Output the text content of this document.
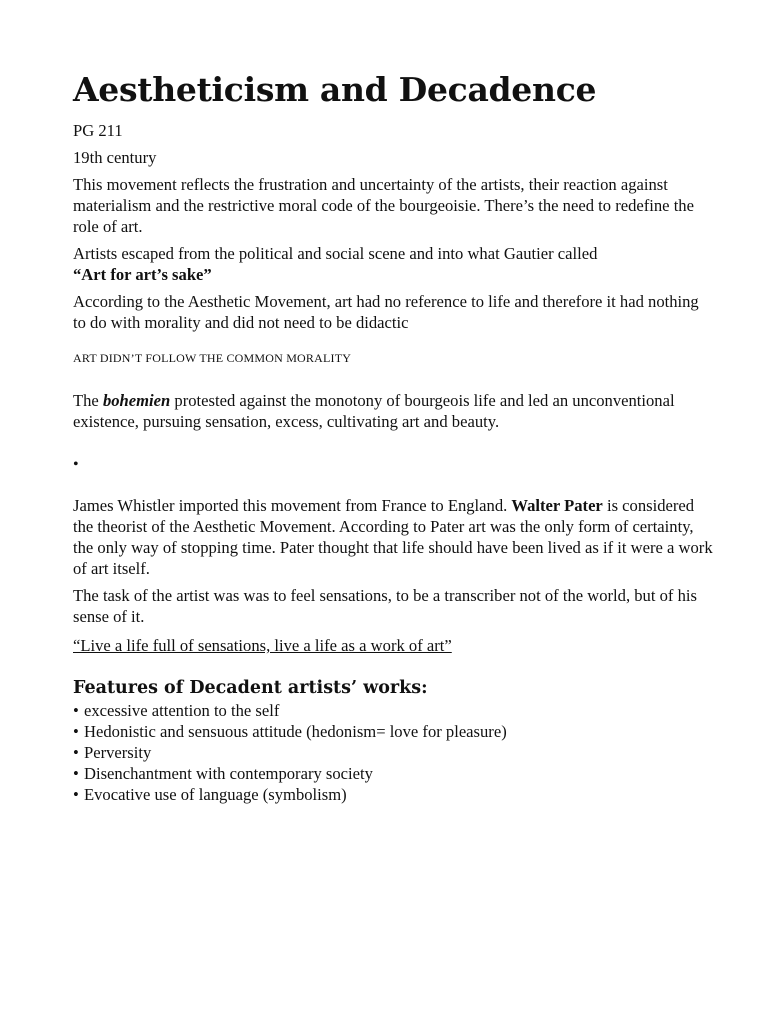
Aestheticism and Decadence

PG 211

19th century

This movement reflects the frustration and uncertainty of the artists, their reaction against materialism and the restrictive moral code of the bourgeoisie. There’s the need to redefine the role of art.

Artists escaped from the political and social scene and into what Gautier called
“Art for art’s sake”

According to the Aesthetic Movement, art had no reference to life and therefore it had nothing to do with morality and did not need to be didactic

ART DIDN’T FOLLOW THE COMMON MORALITY

The bohemien protested against the monotony of bourgeois life and led an unconventional existence, pursuing sensation, excess, cultivating art and beauty.

•

James Whistler imported this movement from France to England. Walter Pater is considered the theorist of the Aesthetic Movement. According to Pater art was the only form of certainty, the only way of stopping time. Pater thought that life should have been lived as if it were a work of art itself.

The task of the artist was was to feel sensations, to be a transcriber not of the world, but of his sense of it.

“Live a life full of sensations, live a life as a work of art”

Features of Decadent artists’ works:
• excessive attention to the self
• Hedonistic and sensuous attitude (hedonism= love for pleasure)
• Perversity
• Disenchantment with contemporary society
• Evocative use of language (symbolism)
